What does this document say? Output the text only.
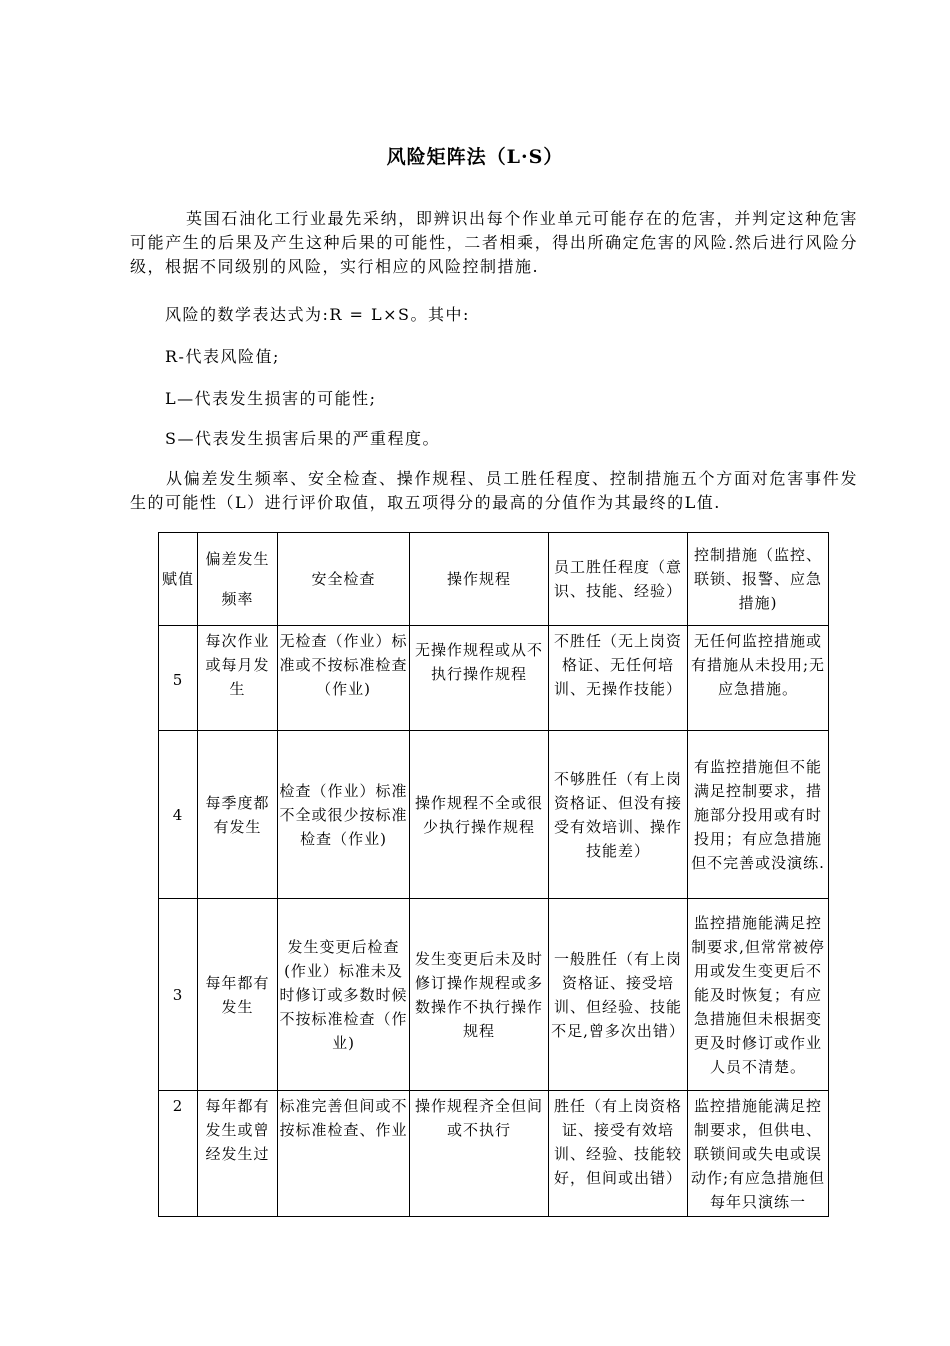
风险矩阵法（L·S）
英国石油化工行业最先采纳，即辨识出每个作业单元可能存在的危害，并判定这种危害可能产生的后果及产生这种后果的可能性，二者相乘，得出所确定危害的风险.然后进行风险分级，根据不同级别的风险，实行相应的风险控制措施.
风险的数学表达式为:R = L×S。其中:
R-代表风险值;
L—代表发生损害的可能性;
S—代表发生损害后果的严重程度。
从偏差发生频率、安全检查、操作规程、员工胜任程度、控制措施五个方面对危害事件发生的可能性（L）进行评价取值，取五项得分的最高的分值作为其最终的L值.
赋值	偏差发生频率	安全检查	操作规程	员工胜任程度（意识、技能、经验）	控制措施（监控、联锁、报警、应急措施)
5	每次作业或每月发生	无检查（作业）标准或不按标准检查（作业)	无操作规程或从不执行操作规程	不胜任（无上岗资格证、无任何培训、无操作技能）	无任何监控措施或有措施从未投用;无应急措施。
4	每季度都有发生	检查（作业）标准不全或很少按标准检查（作业)	操作规程不全或很少执行操作规程	不够胜任（有上岗资格证、但没有接受有效培训、操作技能差）	有监控措施但不能满足控制要求，措施部分投用或有时投用；有应急措施但不完善或没演练.
3	每年都有发生	发生变更后检查(作业）标准未及时修订或多数时候不按标准检查（作业)	发生变更后未及时修订操作规程或多数操作不执行操作规程	一般胜任（有上岗资格证、接受培训、但经验、技能不足,曾多次出错）	监控措施能满足控制要求,但常常被停用或发生变更后不能及时恢复；有应急措施但未根据变更及时修订或作业人员不清楚。
2	每年都有发生或曾经发生过	标准完善但间或不按标准检查、作业	操作规程齐全但间或不执行	胜任（有上岗资格证、接受有效培训、经验、技能较好，但间或出错）	监控措施能满足控制要求，但供电、联锁间或失电或误动作;有应急措施但每年只演练一
